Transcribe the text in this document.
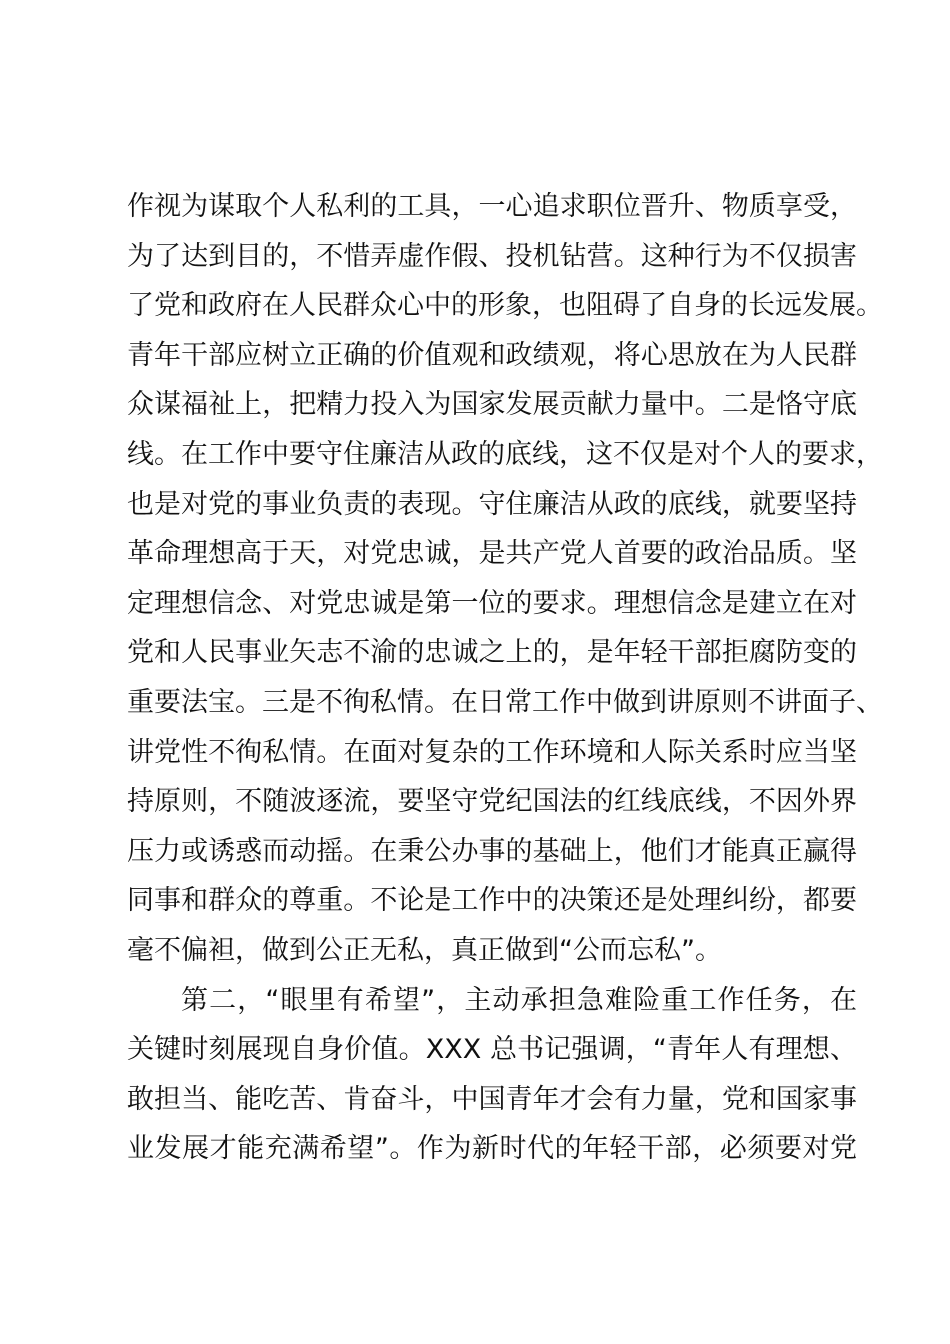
作视为谋取个人私利的工具，一心追求职位晋升、物质享受，
为了达到目的，不惜弄虚作假、投机钻营。这种行为不仅损害
了党和政府在人民群众心中的形象，也阻碍了自身的长远发展。
青年干部应树立正确的价值观和政绩观，将心思放在为人民群
众谋福祉上，把精力投入为国家发展贡献力量中。二是恪守底
线。在工作中要守住廉洁从政的底线，这不仅是对个人的要求，
也是对党的事业负责的表现。守住廉洁从政的底线，就要坚持
革命理想高于天，对党忠诚，是共产党人首要的政治品质。坚
定理想信念、对党忠诚是第一位的要求。理想信念是建立在对
党和人民事业矢志不渝的忠诚之上的，是年轻干部拒腐防变的
重要法宝。三是不徇私情。在日常工作中做到讲原则不讲面子、
讲党性不徇私情。在面对复杂的工作环境和人际关系时应当坚
持原则，不随波逐流，要坚守党纪国法的红线底线，不因外界
压力或诱惑而动摇。在秉公办事的基础上，他们才能真正赢得
同事和群众的尊重。不论是工作中的决策还是处理纠纷，都要
毫不偏袒，做到公正无私，真正做到“公而忘私”。
第二，“眼里有希望”，主动承担急难险重工作任务，在
关键时刻展现自身价值。XXX 总书记强调，“青年人有理想、
敢担当、能吃苦、肯奋斗，中国青年才会有力量，党和国家事
业发展才能充满希望”。作为新时代的年轻干部，必须要对党
